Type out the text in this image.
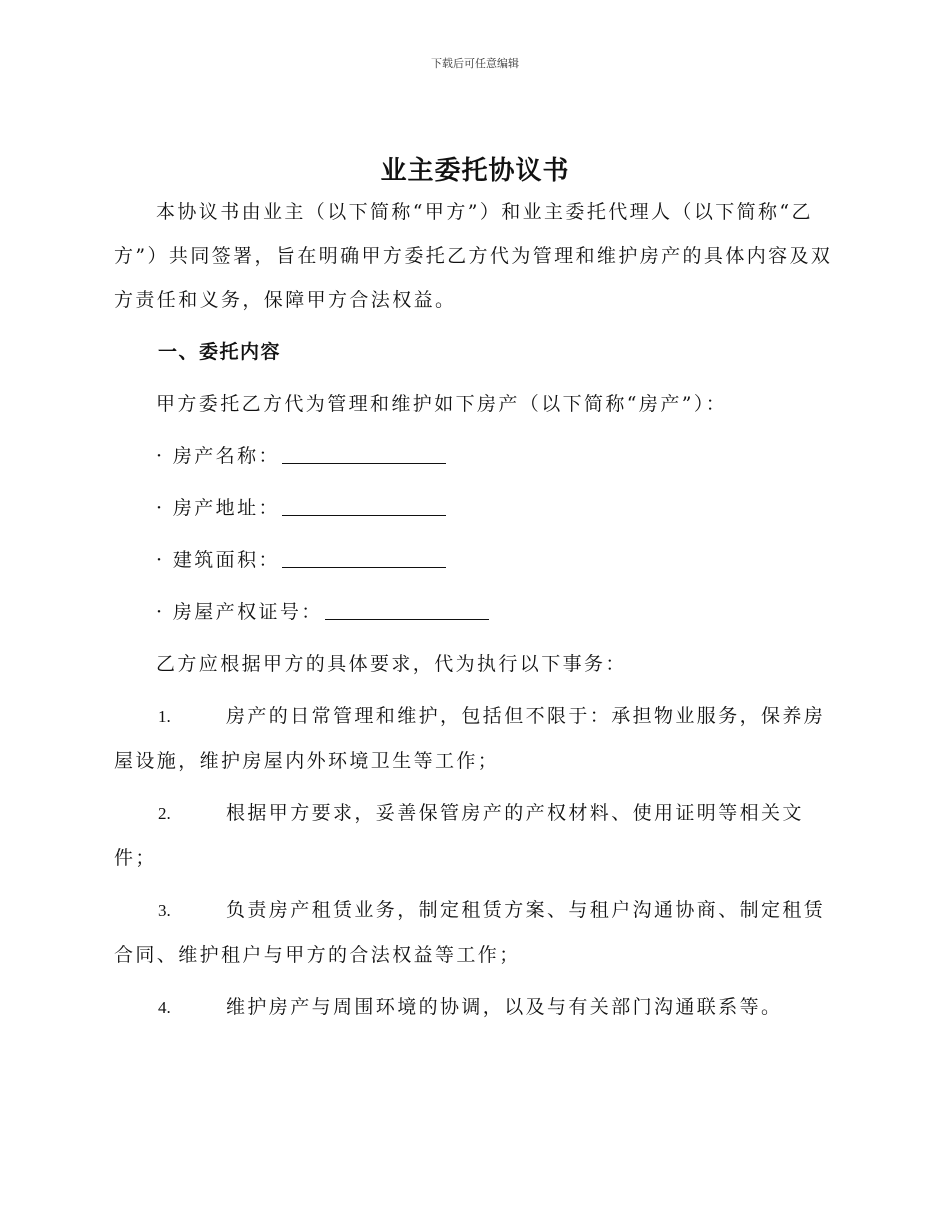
下载后可任意编辑
业主委托协议书

本协议书由业主（以下简称“甲方”）和业主委托代理人（以下简称“乙方”）共同签署，旨在明确甲方委托乙方代为管理和维护房产的具体内容及双方责任和义务，保障甲方合法权益。

一、委托内容

甲方委托乙方代为管理和维护如下房产（以下简称“房产”）：

· 房产名称：

· 房产地址：

· 建筑面积：

· 房屋产权证号：

乙方应根据甲方的具体要求，代为执行以下事务：

1.	房产的日常管理和维护，包括但不限于：承担物业服务，保养房屋设施，维护房屋内外环境卫生等工作；

2.	根据甲方要求，妥善保管房产的产权材料、使用证明等相关文件；

3.	负责房产租赁业务，制定租赁方案、与租户沟通协商、制定租赁合同、维护租户与甲方的合法权益等工作；

4.	维护房产与周围环境的协调，以及与有关部门沟通联系等。
